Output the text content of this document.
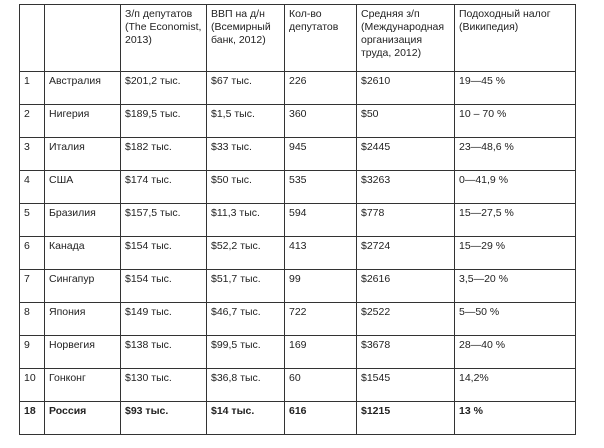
		З/п депутатов (The Economist, 2013)	ВВП на д/н (Всемирный банк, 2012)	Кол-во депутатов	Средняя з/п (Международная организация труда, 2012)	Подоходный налог (Википедия)
1	Австралия	$201,2 тыс.	$67 тыс.	226	$2610	19—45 %
2	Нигерия	$189,5 тыс.	$1,5 тыс.	360	$50	10 – 70 %
3	Италия	$182 тыс.	$33 тыс.	945	$2445	23—48,6 %
4	США	$174 тыс.	$50 тыс.	535	$3263	0—41,9 %
5	Бразилия	$157,5 тыс.	$11,3 тыс.	594	$778	15—27,5 %
6	Канада	$154 тыс.	$52,2 тыс.	413	$2724	15—29 %
7	Сингапур	$154 тыс.	$51,7 тыс.	99	$2616	3,5—20 %
8	Япония	$149 тыс.	$46,7 тыс.	722	$2522	5—50 %
9	Норвегия	$138 тыс.	$99,5 тыс.	169	$3678	28—40 %
10	Гонконг	$130 тыс.	$36,8 тыс.	60	$1545	14,2%
18	Россия	$93 тыс.	$14 тыс.	616	$1215	13 %
